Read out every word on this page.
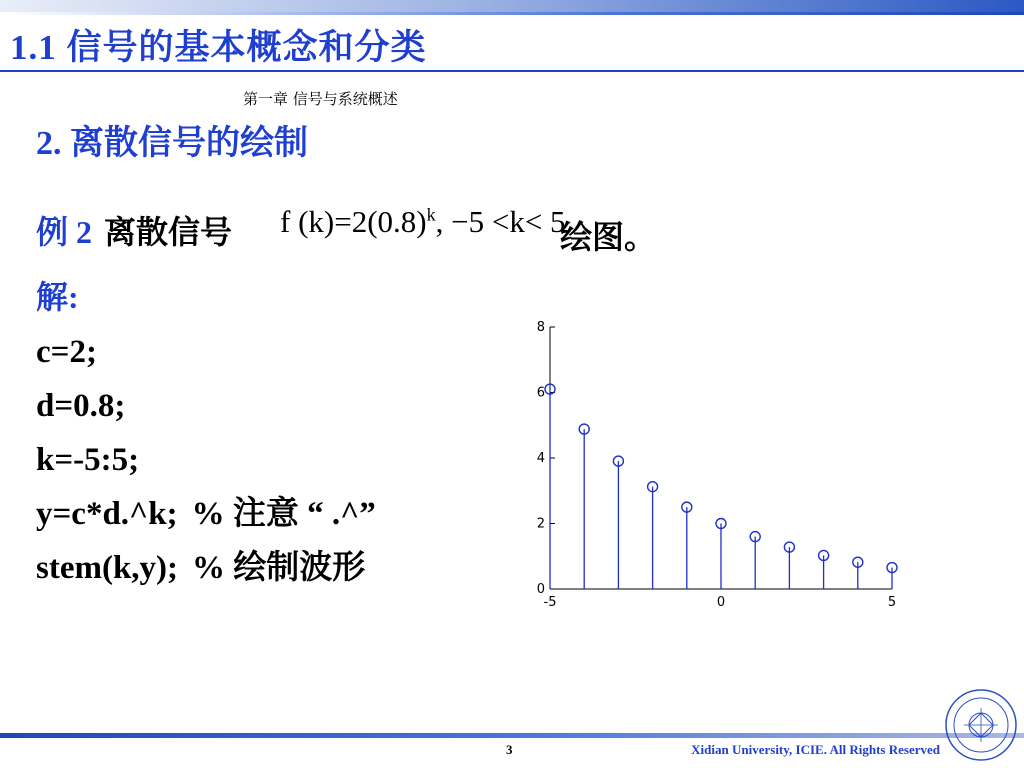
1.1 信号的基本概念和分类
第一章 信号与系统概述
2. 离散信号的绘制
例 2 离散信号 f $(k)=2(0.8)^k$, −5 <k< 5
绘图。
解:
c=2;
d=0.8;
k=-5:5;
y=c*d.^k; % 注意 “ .^”
stem(k,y); % 绘制波形
0
2
4
6
8
-5	0	5
3	Xidian University, ICIE. All Rights Reserved
